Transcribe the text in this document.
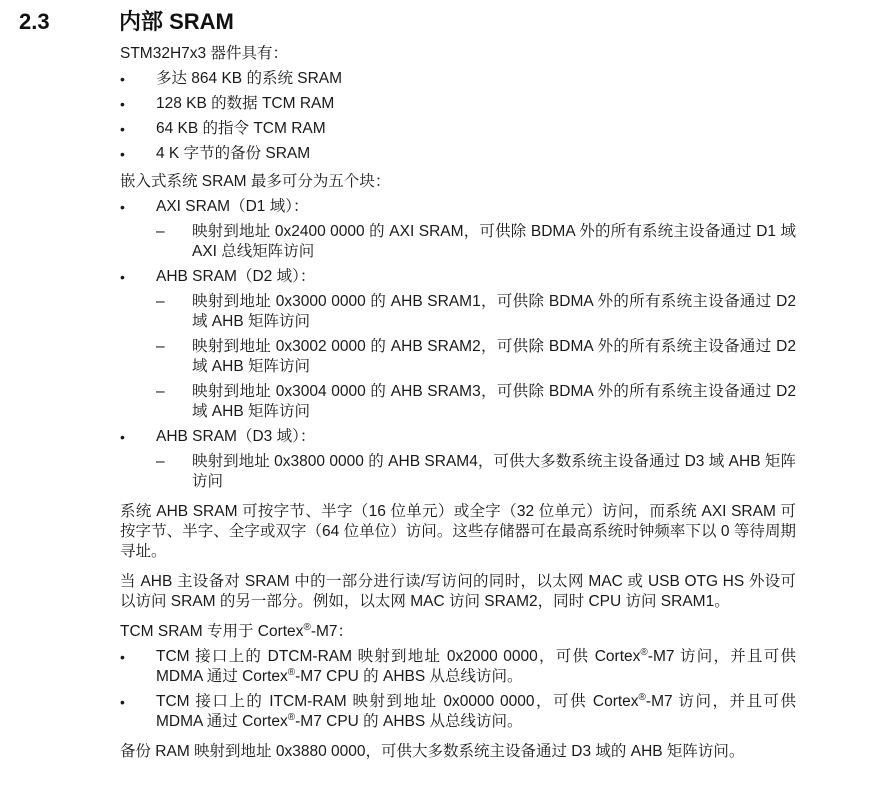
2.3	内部 SRAM

STM32H7x3 器件具有：

•	多达 864 KB 的系统 SRAM
•	128 KB 的数据 TCM RAM
•	64 KB 的指令 TCM RAM
•	4 K 字节的备份 SRAM

嵌入式系统 SRAM 最多可分为五个块：

•	AXI SRAM（D1 域）：
– 映射到地址 0x2400 0000 的 AXI SRAM，可供除 BDMA 外的所有系统主设备通过 D1 域 AXI 总线矩阵访问
•	AHB SRAM（D2 域）：
– 映射到地址 0x3000 0000 的 AHB SRAM1，可供除 BDMA 外的所有系统主设备通过 D2 域 AHB 矩阵访问
– 映射到地址 0x3002 0000 的 AHB SRAM2，可供除 BDMA 外的所有系统主设备通过 D2 域 AHB 矩阵访问
– 映射到地址 0x3004 0000 的 AHB SRAM3，可供除 BDMA 外的所有系统主设备通过 D2 域 AHB 矩阵访问
•	AHB SRAM（D3 域）：
– 映射到地址 0x3800 0000 的 AHB SRAM4，可供大多数系统主设备通过 D3 域 AHB 矩阵访问

系统 AHB SRAM 可按字节、半字（16 位单元）或全字（32 位单元）访问，而系统 AXI SRAM 可按字节、半字、全字或双字（64 位单位）访问。这些存储器可在最高系统时钟频率下以 0 等待周期寻址。

当 AHB 主设备对 SRAM 中的一部分进行读/写访问的同时，以太网 MAC 或 USB OTG HS 外设可以访问 SRAM 的另一部分。例如，以太网 MAC 访问 SRAM2，同时 CPU 访问 SRAM1。

TCM SRAM 专用于 Cortex®-M7：

•	TCM 接口上的 DTCM-RAM 映射到地址 0x2000 0000，可供 Cortex®-M7 访问，并且可供 MDMA 通过 Cortex®-M7 CPU 的 AHBS 从总线访问。
•	TCM 接口上的 ITCM-RAM 映射到地址 0x0000 0000，可供 Cortex®-M7 访问，并且可供 MDMA 通过 Cortex®-M7 CPU 的 AHBS 从总线访问。

备份 RAM 映射到地址 0x3880 0000，可供大多数系统主设备通过 D3 域的 AHB 矩阵访问。
